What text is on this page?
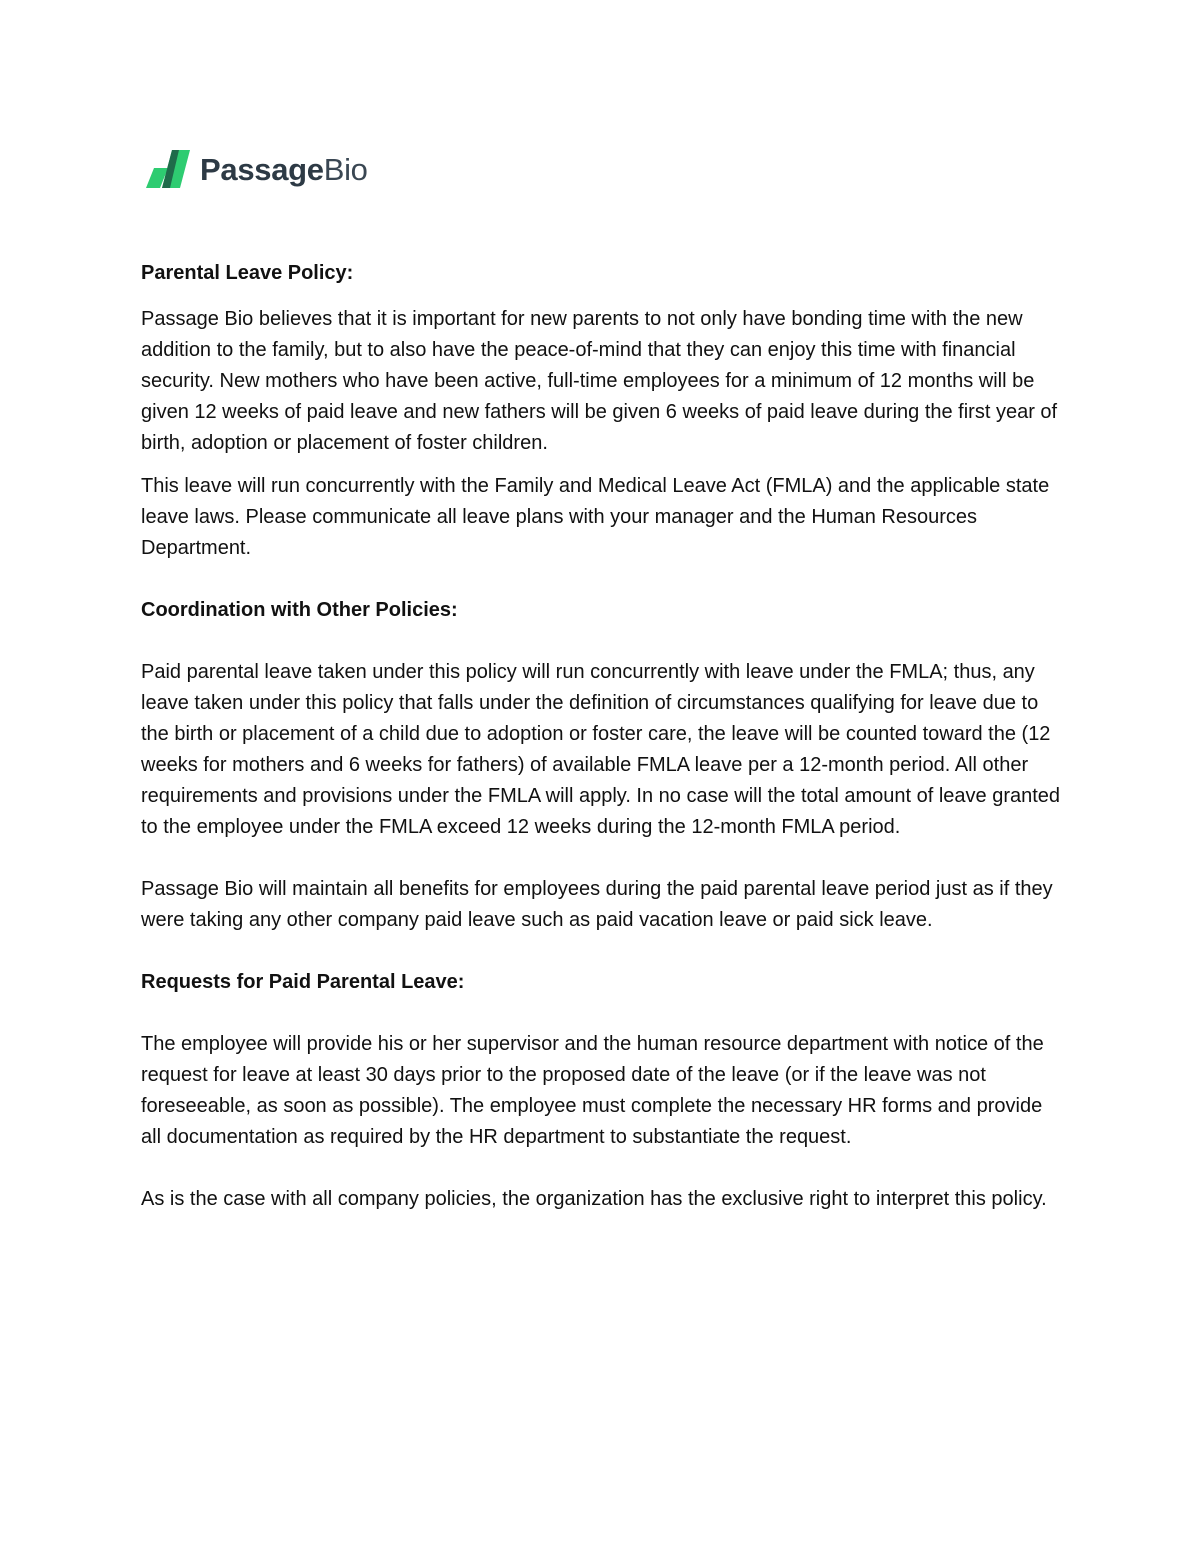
PassageBio

Parental Leave Policy:

Passage Bio believes that it is important for new parents to not only have bonding time with the new addition to the family, but to also have the peace-of-mind that they can enjoy this time with financial security. New mothers who have been active, full-time employees for a minimum of 12 months will be given 12 weeks of paid leave and new fathers will be given 6 weeks of paid leave during the first year of birth, adoption or placement of foster children.

This leave will run concurrently with the Family and Medical Leave Act (FMLA) and the applicable state leave laws. Please communicate all leave plans with your manager and the Human Resources Department.

Coordination with Other Policies:

Paid parental leave taken under this policy will run concurrently with leave under the FMLA; thus, any leave taken under this policy that falls under the definition of circumstances qualifying for leave due to the birth or placement of a child due to adoption or foster care, the leave will be counted toward the (12 weeks for mothers and 6 weeks for fathers) of available FMLA leave per a 12-month period. All other requirements and provisions under the FMLA will apply. In no case will the total amount of leave granted to the employee under the FMLA exceed 12 weeks during the 12-month FMLA period.

Passage Bio will maintain all benefits for employees during the paid parental leave period just as if they were taking any other company paid leave such as paid vacation leave or paid sick leave.

Requests for Paid Parental Leave:

The employee will provide his or her supervisor and the human resource department with notice of the request for leave at least 30 days prior to the proposed date of the leave (or if the leave was not foreseeable, as soon as possible). The employee must complete the necessary HR forms and provide all documentation as required by the HR department to substantiate the request.

As is the case with all company policies, the organization has the exclusive right to interpret this policy.
